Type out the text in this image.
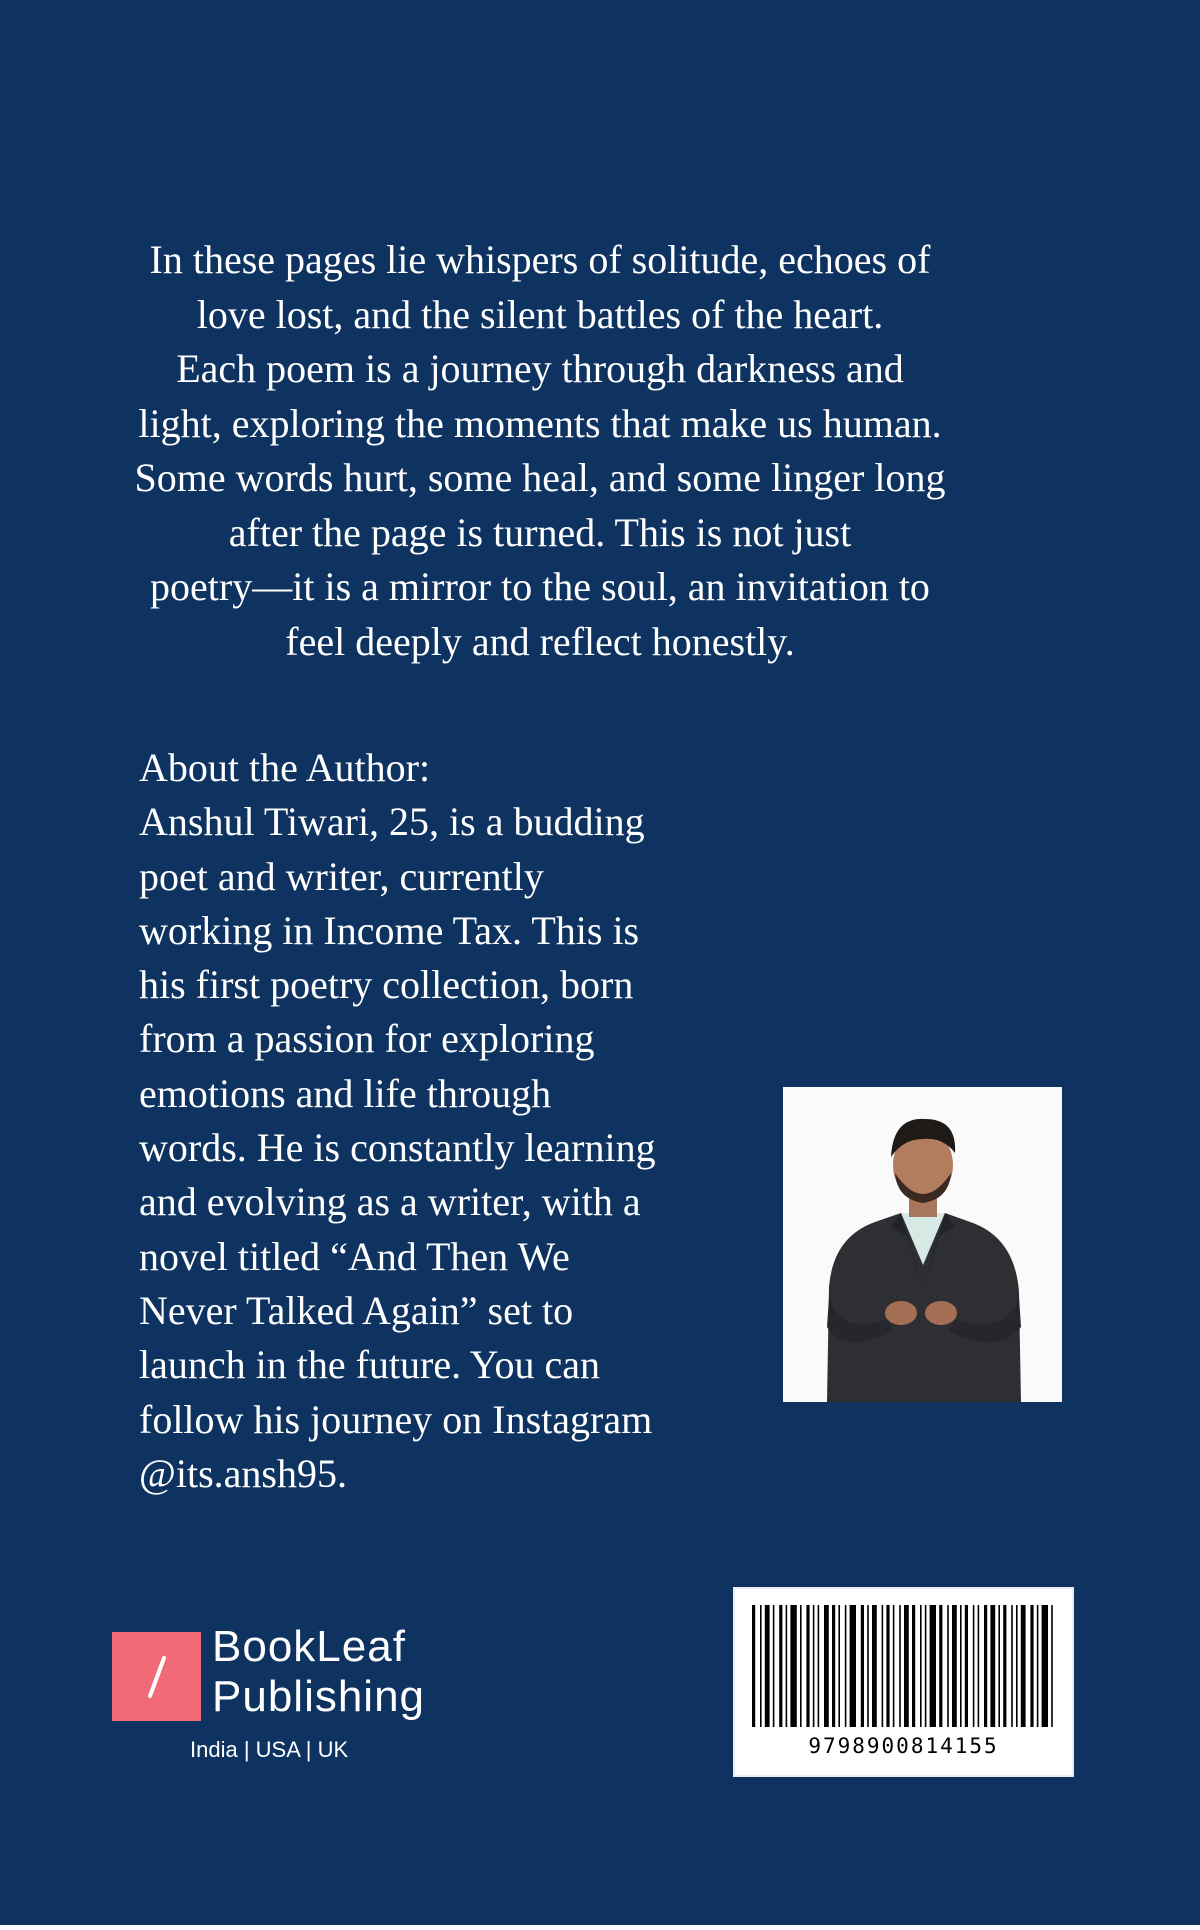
In these pages lie whispers of solitude, echoes of
love lost, and the silent battles of the heart.
Each poem is a journey through darkness and
light, exploring the moments that make us human.
Some words hurt, some heal, and some linger long
after the page is turned. This is not just
poetry—it is a mirror to the soul, an invitation to
feel deeply and reflect honestly.

About the Author:
Anshul Tiwari, 25, is a budding
poet and writer, currently
working in Income Tax. This is
his first poetry collection, born
from a passion for exploring
emotions and life through
words. He is constantly learning
and evolving as a writer, with a
novel titled “And Then We
Never Talked Again” set to
launch in the future. You can
follow his journey on Instagram
@its.ansh95.

BookLeaf
Publishing

India | USA | UK	9798900814155
